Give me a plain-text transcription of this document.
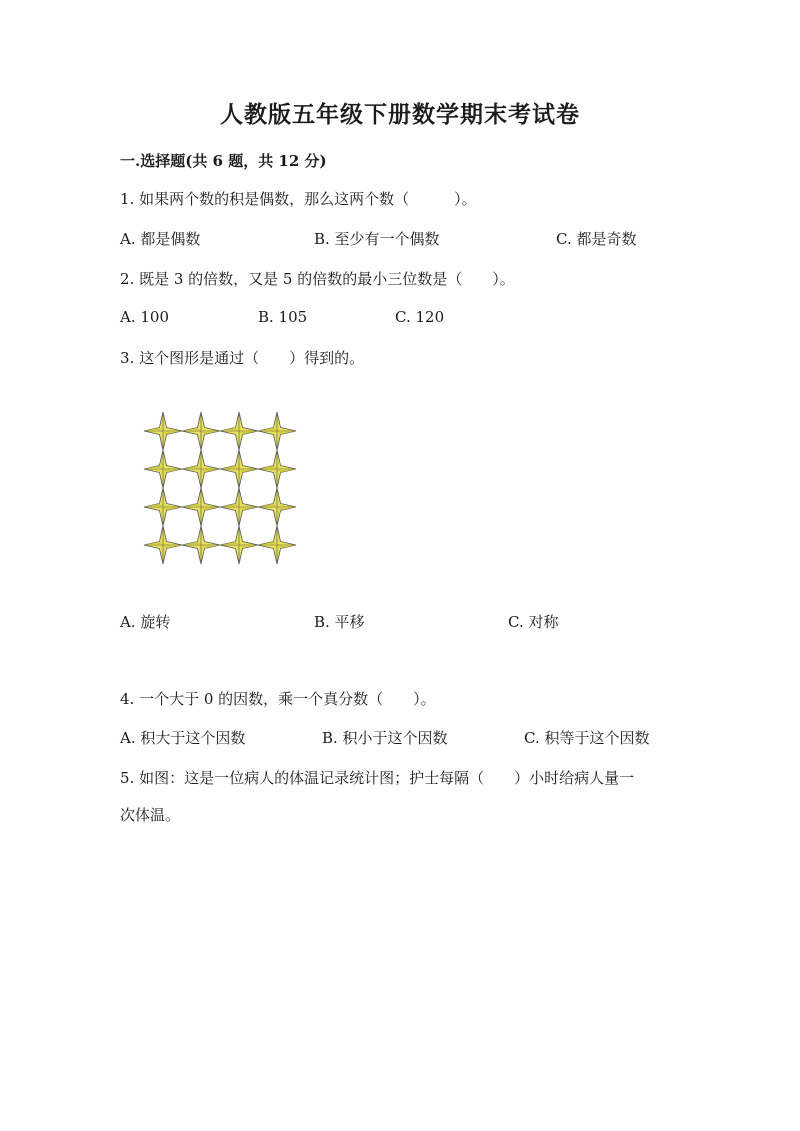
人教版五年级下册数学期末考试卷
一.选择题(共 6 题，共 12 分)
1. 如果两个数的积是偶数，那么这两个数（　　　）。
A. 都是偶数	B. 至少有一个偶数	C. 都是奇数
2. 既是 3 的倍数，又是 5 的倍数的最小三位数是（　　）。
A. 100	B. 105	C. 120
3. 这个图形是通过（　　）得到的。
A. 旋转	B. 平移	C. 对称
4. 一个大于 0 的因数，乘一个真分数（　　）。
A. 积大于这个因数	B. 积小于这个因数	C. 积等于这个因数
5. 如图：这是一位病人的体温记录统计图；护士每隔（　　）小时给病人量一
次体温。
